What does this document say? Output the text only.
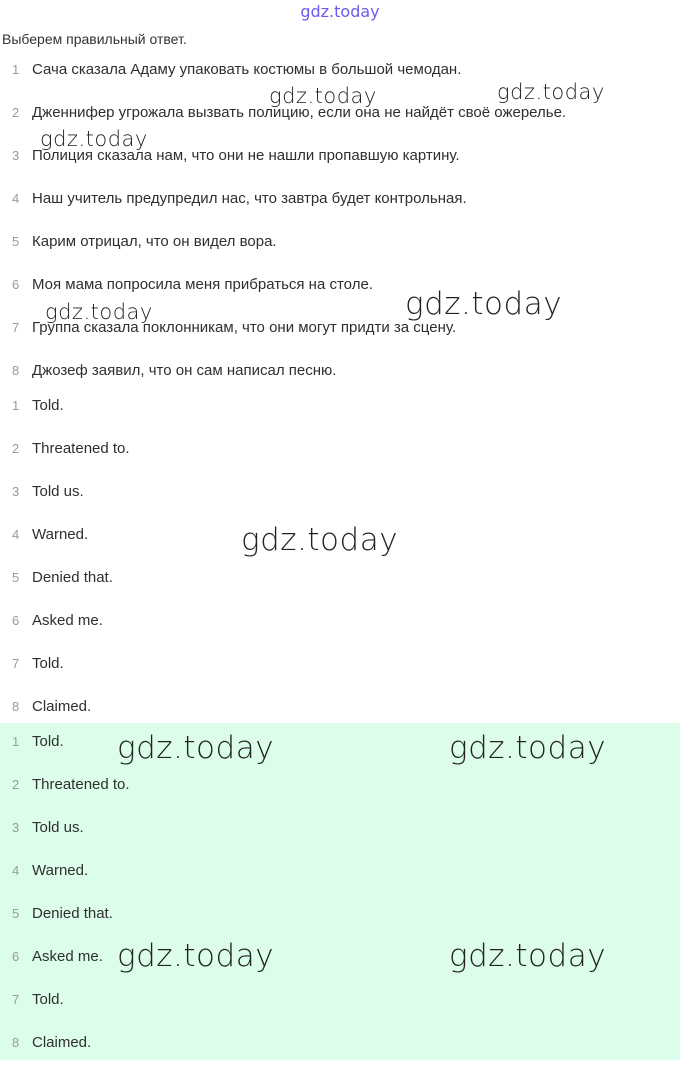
gdz.today
Выберем правильный ответ.
1 Сача сказала Адаму упаковать костюмы в большой чемодан.
2 Дженнифер угрожала вызвать полицию, если она не найдёт своё ожерелье.
3 Полиция сказала нам, что они не нашли пропавшую картину.
4 Наш учитель предупредил нас, что завтра будет контрольная.
5 Карим отрицал, что он видел вора.
6 Моя мама попросила меня прибраться на столе.
7 Группа сказала поклонникам, что они могут придти за сцену.
8 Джозеф заявил, что он сам написал песню.
1 Told.
2 Threatened to.
3 Told us.
4 Warned.
5 Denied that.
6 Asked me.
7 Told.
8 Claimed.
1 Told.
2 Threatened to.
3 Told us.
4 Warned.
5 Denied that.
6 Asked me.
7 Told.
8 Claimed.
gdz.today	gdz.today
gdz.today
gdz.today	gdz.today
gdz.today
gdz.today	gdz.today
gdz.today	gdz.today
